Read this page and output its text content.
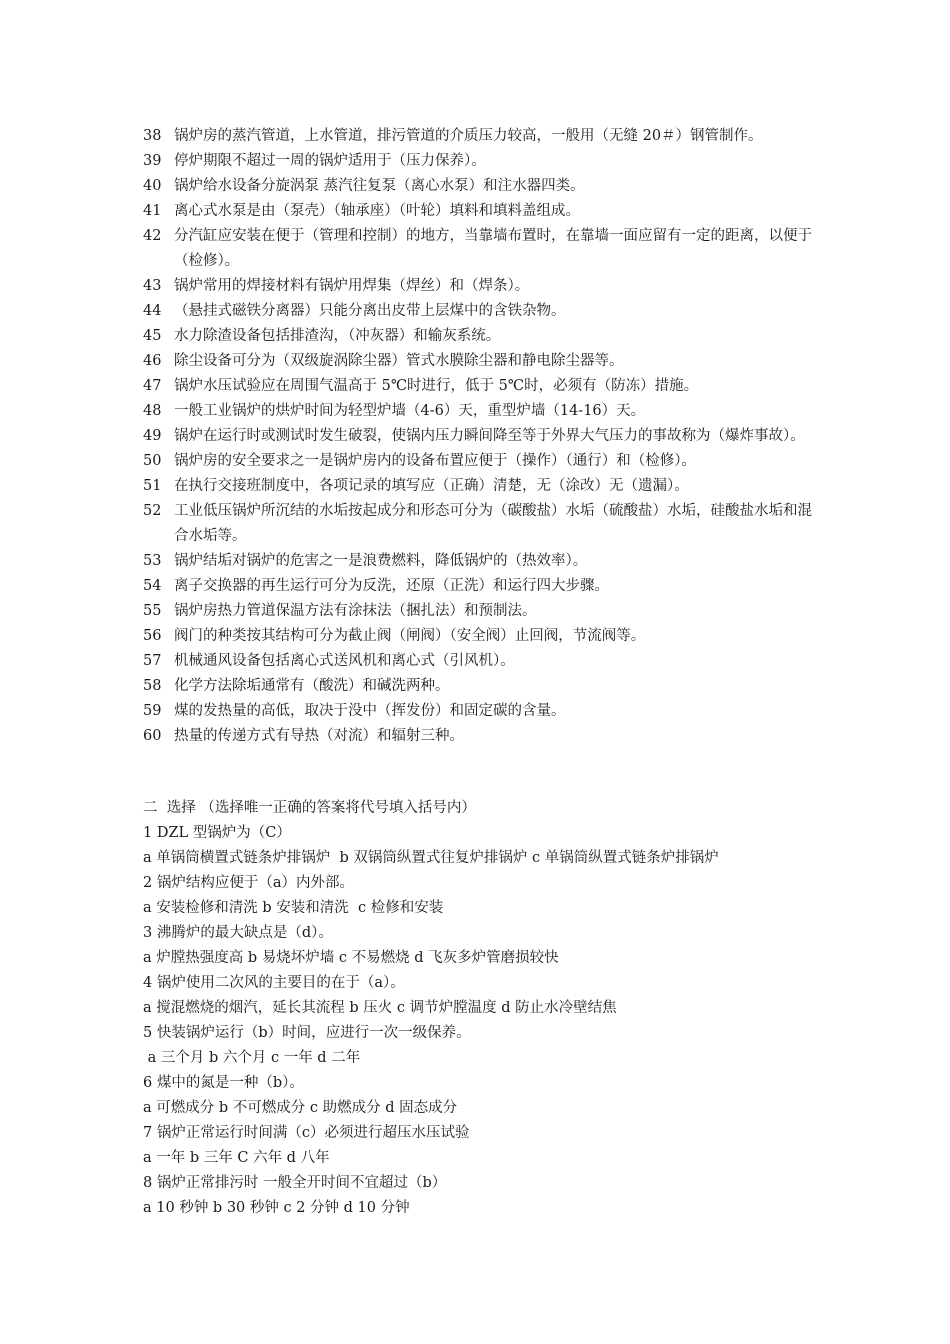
38 锅炉房的蒸汽管道，上水管道，排污管道的介质压力较高，一般用（无缝 20＃）钢管制作。
39 停炉期限不超过一周的锅炉适用于（压力保养）。
40 锅炉给水设备分旋涡泵 蒸汽往复泵（离心水泵）和注水器四类。
41 离心式水泵是由（泵壳）（轴承座）（叶轮）填料和填料盖组成。
42 分汽缸应安装在便于（管理和控制）的地方，当靠墙布置时，在靠墙一面应留有一定的距离，以便于（检修）。
43 锅炉常用的焊接材料有锅炉用焊集（焊丝）和（焊条）。
44 （悬挂式磁铁分离器）只能分离出皮带上层煤中的含铁杂物。
45 水力除渣设备包括排渣沟，（冲灰器）和输灰系统。
46 除尘设备可分为（双级旋涡除尘器）管式水膜除尘器和静电除尘器等。
47 锅炉水压试验应在周围气温高于 5℃时进行，低于 5℃时，必须有（防冻）措施。
48 一般工业锅炉的烘炉时间为轻型炉墙（4-6）天，重型炉墙（14-16）天。
49 锅炉在运行时或测试时发生破裂，使锅内压力瞬间降至等于外界大气压力的事故称为（爆炸事故）。
50 锅炉房的安全要求之一是锅炉房内的设备布置应便于（操作）（通行）和（检修）。
51 在执行交接班制度中，各项记录的填写应（正确）清楚，无（涂改）无（遗漏）。
52 工业低压锅炉所沉结的水垢按起成分和形态可分为（碳酸盐）水垢（硫酸盐）水垢，硅酸盐水垢和混合水垢等。
53 锅炉结垢对锅炉的危害之一是浪费燃料，降低锅炉的（热效率）。
54 离子交换器的再生运行可分为反洗，还原（正洗）和运行四大步骤。
55 锅炉房热力管道保温方法有涂抹法（捆扎法）和预制法。
56 阀门的种类按其结构可分为截止阀（闸阀）（安全阀）止回阀，节流阀等。
57 机械通风设备包括离心式送风机和离心式（引风机）。
58 化学方法除垢通常有（酸洗）和碱洗两种。
59 煤的发热量的高低，取决于没中（挥发份）和固定碳的含量。
60 热量的传递方式有导热（对流）和辐射三种。
二  选择 （选择唯一正确的答案将代号填入括号内）
1 DZL 型锅炉为（C）
a 单锅筒横置式链条炉排锅炉  b 双锅筒纵置式往复炉排锅炉 c 单锅筒纵置式链条炉排锅炉
2 锅炉结构应便于（a）内外部。
a 安装检修和清洗 b 安装和清洗  c 检修和安装
3 沸腾炉的最大缺点是（d）。
a 炉膛热强度高 b 易烧坏炉墙 c 不易燃烧 d 飞灰多炉管磨损较快
4 锅炉使用二次风的主要目的在于（a）。
a 搅混燃烧的烟汽，延长其流程 b 压火 c 调节炉膛温度 d 防止水冷壁结焦
5 快装锅炉运行（b）时间，应进行一次一级保养。
a 三个月 b 六个月 c 一年 d 二年
6 煤中的氮是一种（b）。
a 可燃成分 b 不可燃成分 c 助燃成分 d 固态成分
7 锅炉正常运行时间满（c）必须进行超压水压试验
a 一年 b 三年 C 六年 d 八年
8 锅炉正常排污时 一般全开时间不宜超过（b）
a 10 秒钟 b 30 秒钟 c 2 分钟 d 10 分钟
